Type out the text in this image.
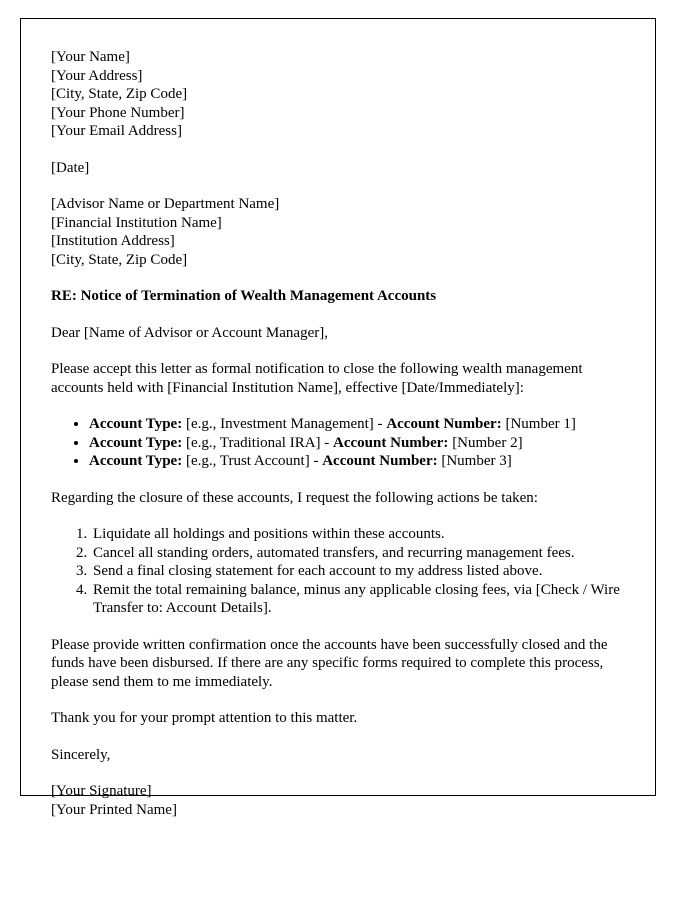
[Your Name]
[Your Address]
[City, State, Zip Code]
[Your Phone Number]
[Your Email Address]
[Date]
[Advisor Name or Department Name]
[Financial Institution Name]
[Institution Address]
[City, State, Zip Code]

RE: Notice of Termination of Wealth Management Accounts

Dear [Name of Advisor or Account Manager],

Please accept this letter as formal notification to close the following wealth management accounts held with [Financial Institution Name], effective [Date/Immediately]:

• Account Type: [e.g., Investment Management] - Account Number: [Number 1]
• Account Type: [e.g., Traditional IRA] - Account Number: [Number 2]
• Account Type: [e.g., Trust Account] - Account Number: [Number 3]

Regarding the closure of these accounts, I request the following actions be taken:

1. Liquidate all holdings and positions within these accounts.
2. Cancel all standing orders, automated transfers, and recurring management fees.
3. Send a final closing statement for each account to my address listed above.
4. Remit the total remaining balance, minus any applicable closing fees, via [Check / Wire Transfer to: Account Details].

Please provide written confirmation once the accounts have been successfully closed and the funds have been disbursed. If there are any specific forms required to complete this process, please send them to me immediately.

Thank you for your prompt attention to this matter.

Sincerely,

[Your Signature]
[Your Printed Name]
